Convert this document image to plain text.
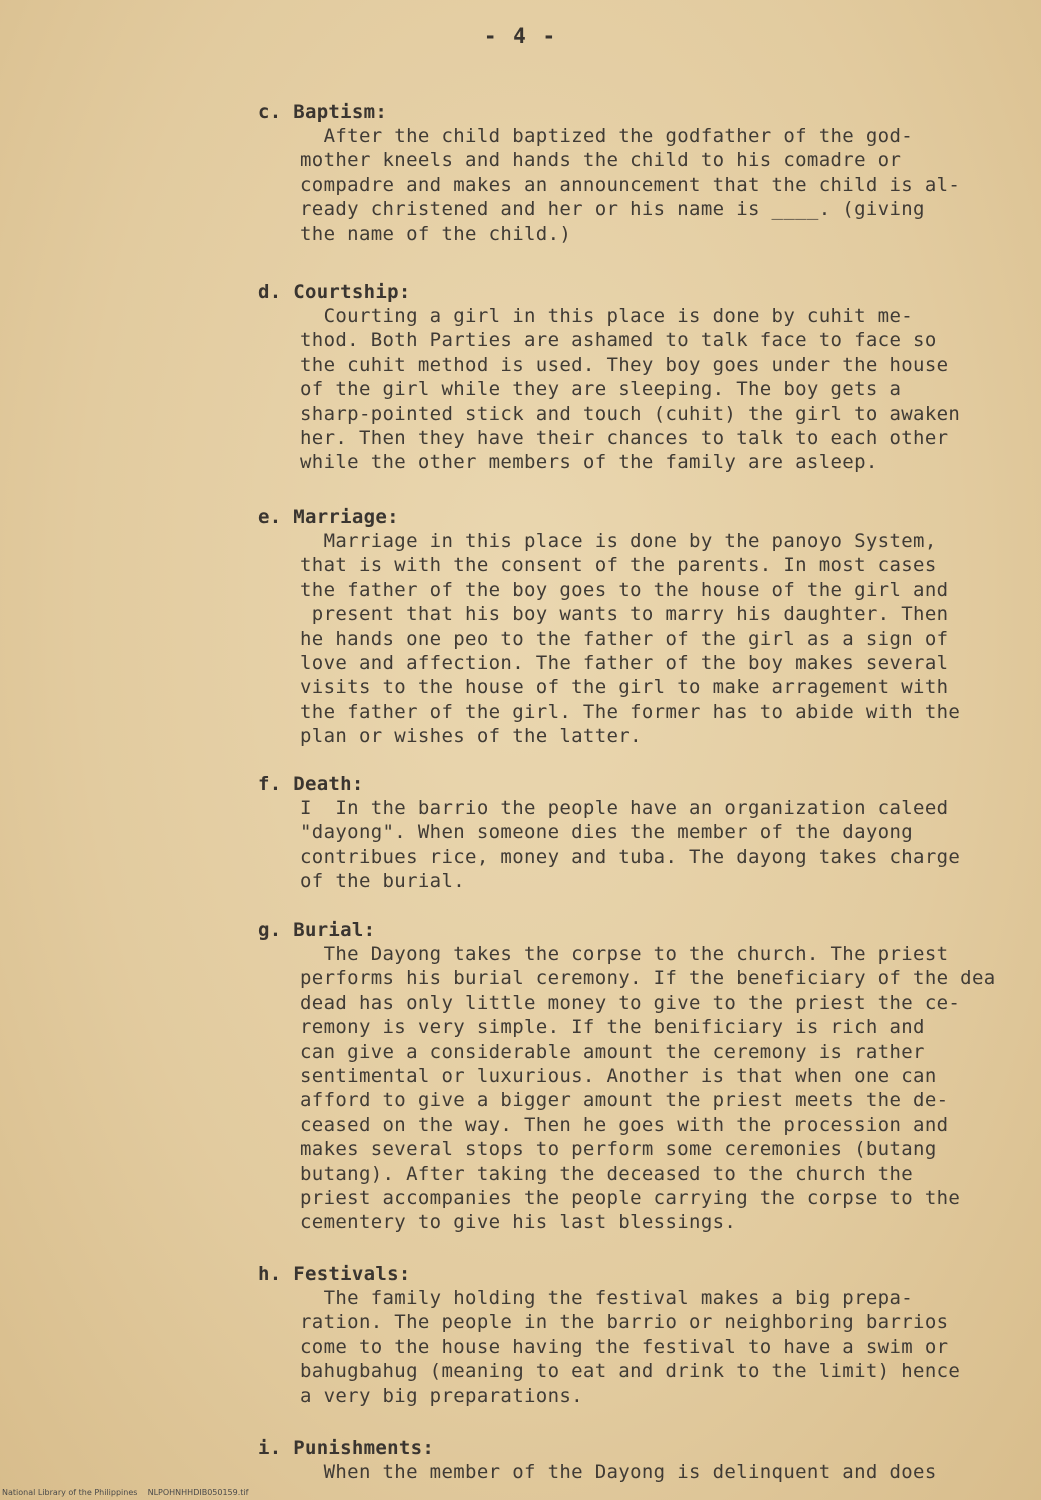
- 4 -
c. Baptism:
After the child baptized the godfather of the god-
mother kneels and hands the child to his comadre or
compadre and makes an announcement that the child is al-
ready christened and her or his name is ____. (giving
the name of the child.)
d. Courtship:
Courting a girl in this place is done by cuhit me-
thod. Both Parties are ashamed to talk face to face so
the cuhit method is used. They boy goes under the house
of the girl while they are sleeping. The boy gets a
sharp-pointed stick and touch (cuhit) the girl to awaken
her. Then they have their chances to talk to each other
while the other members of the family are asleep.
e. Marriage:
Marriage in this place is done by the panoyo System,
that is with the consent of the parents. In most cases
the father of the boy goes to the house of the girl and
present that his boy wants to marry his daughter. Then
he hands one peo to the father of the girl as a sign of
love and affection. The father of the boy makes several
visits to the house of the girl to make arragement with
the father of the girl. The former has to abide with the
plan or wishes of the latter.
f. Death:
I  In the barrio the people have an organization caleed
"dayong". When someone dies the member of the dayong
contribues rice, money and tuba. The dayong takes charge
of the burial.
g. Burial:
The Dayong takes the corpse to the church. The priest
performs his burial ceremony. If the beneficiary of the dea
dead has only little money to give to the priest the ce-
remony is very simple. If the benificiary is rich and
can give a considerable amount the ceremony is rather
sentimental or luxurious. Another is that when one can
afford to give a bigger amount the priest meets the de-
ceased on the way. Then he goes with the procession and
makes several stops to perform some ceremonies (butang
butang). After taking the deceased to the church the
priest accompanies the people carrying the corpse to the
cementery to give his last blessings.
h. Festivals:
The family holding the festival makes a big prepa-
ration. The people in the barrio or neighboring barrios
come to the house having the festival to have a swim or
bahugbahug (meaning to eat and drink to the limit) hence
a very big preparations.
i. Punishments:
When the member of the Dayong is delinquent and does
National Library of the Philippines    NLPOHNHHDIB050159.tif
